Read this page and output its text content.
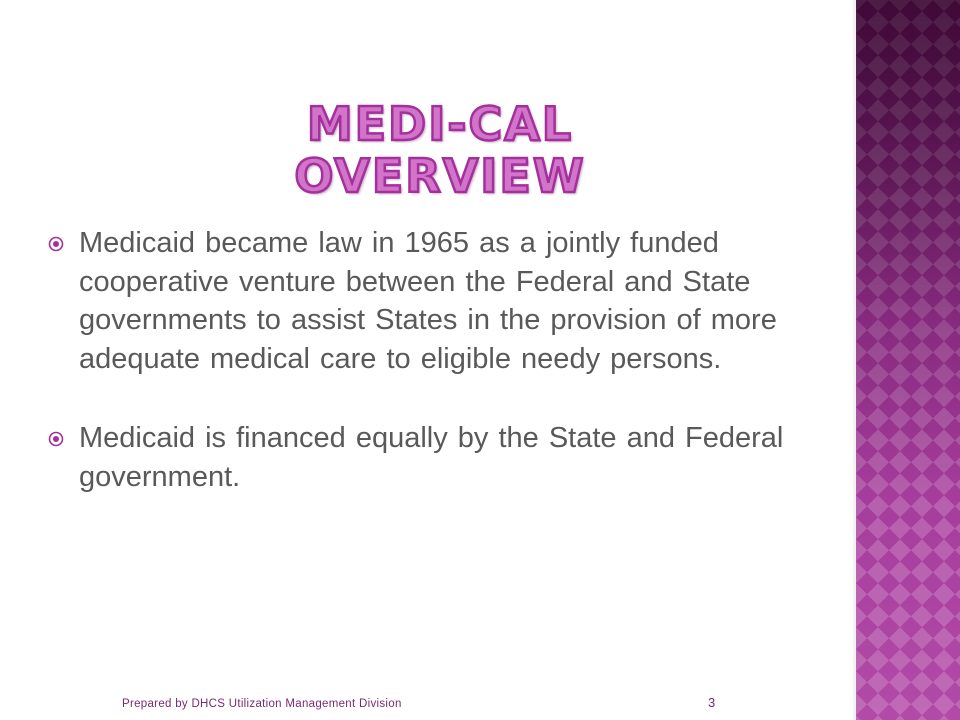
MEDI-CAL OVERVIEW
Medicaid became law in 1965 as a jointly funded cooperative venture between the Federal and State governments to assist States in the provision of more adequate medical care to eligible needy persons.
Medicaid is financed equally by the State and Federal government.
Prepared by DHCS Utilization Management Division	3
